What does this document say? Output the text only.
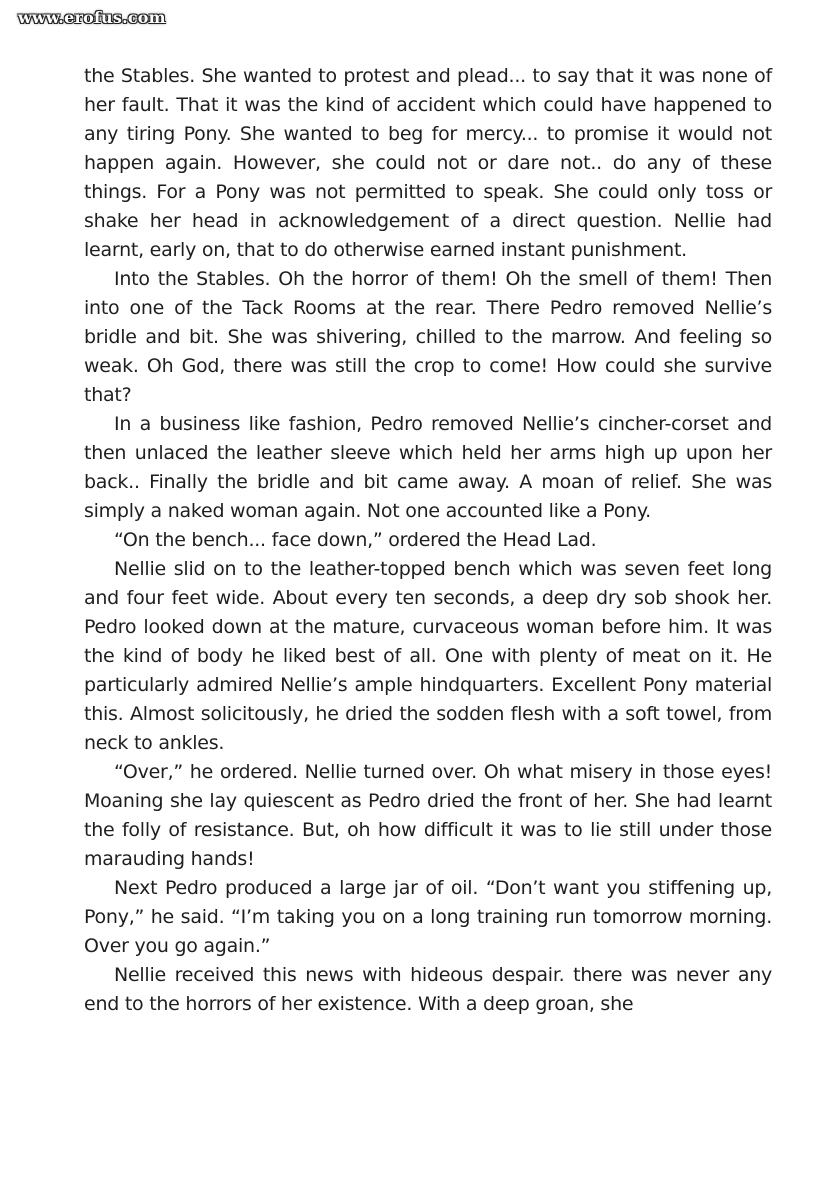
www.erofus.com

the Stables. She wanted to protest and plead... to say that it was none of her fault. That it was the kind of accident which could have happened to any tiring Pony. She wanted to beg for mercy... to promise it would not happen again. However, she could not or dare not.. do any of these things. For a Pony was not permitted to speak. She could only toss or shake her head in acknowledgement of a direct question. Nellie had learnt, early on, that to do otherwise earned instant punishment.

Into the Stables. Oh the horror of them! Oh the smell of them! Then into one of the Tack Rooms at the rear. There Pedro removed Nellie’s bridle and bit. She was shivering, chilled to the marrow. And feeling so weak. Oh God, there was still the crop to come! How could she survive that?

In a business like fashion, Pedro removed Nellie’s cincher-corset and then unlaced the leather sleeve which held her arms high up upon her back.. Finally the bridle and bit came away. A moan of relief. She was simply a naked woman again. Not one accounted like a Pony.

“On the bench... face down,” ordered the Head Lad.

Nellie slid on to the leather-topped bench which was seven feet long and four feet wide. About every ten seconds, a deep dry sob shook her. Pedro looked down at the mature, curvaceous woman before him. It was the kind of body he liked best of all. One with plenty of meat on it. He particularly admired Nellie’s ample hindquarters. Excellent Pony material this. Almost solicitously, he dried the sodden flesh with a soft towel, from neck to ankles.

“Over,” he ordered. Nellie turned over. Oh what misery in those eyes! Moaning she lay quiescent as Pedro dried the front of her. She had learnt the folly of resistance. But, oh how difficult it was to lie still under those marauding hands!

Next Pedro produced a large jar of oil. “Don’t want you stiffening up, Pony,” he said. “I’m taking you on a long training run tomorrow morning. Over you go again.”

Nellie received this news with hideous despair. there was never any end to the horrors of her existence. With a deep groan, she
